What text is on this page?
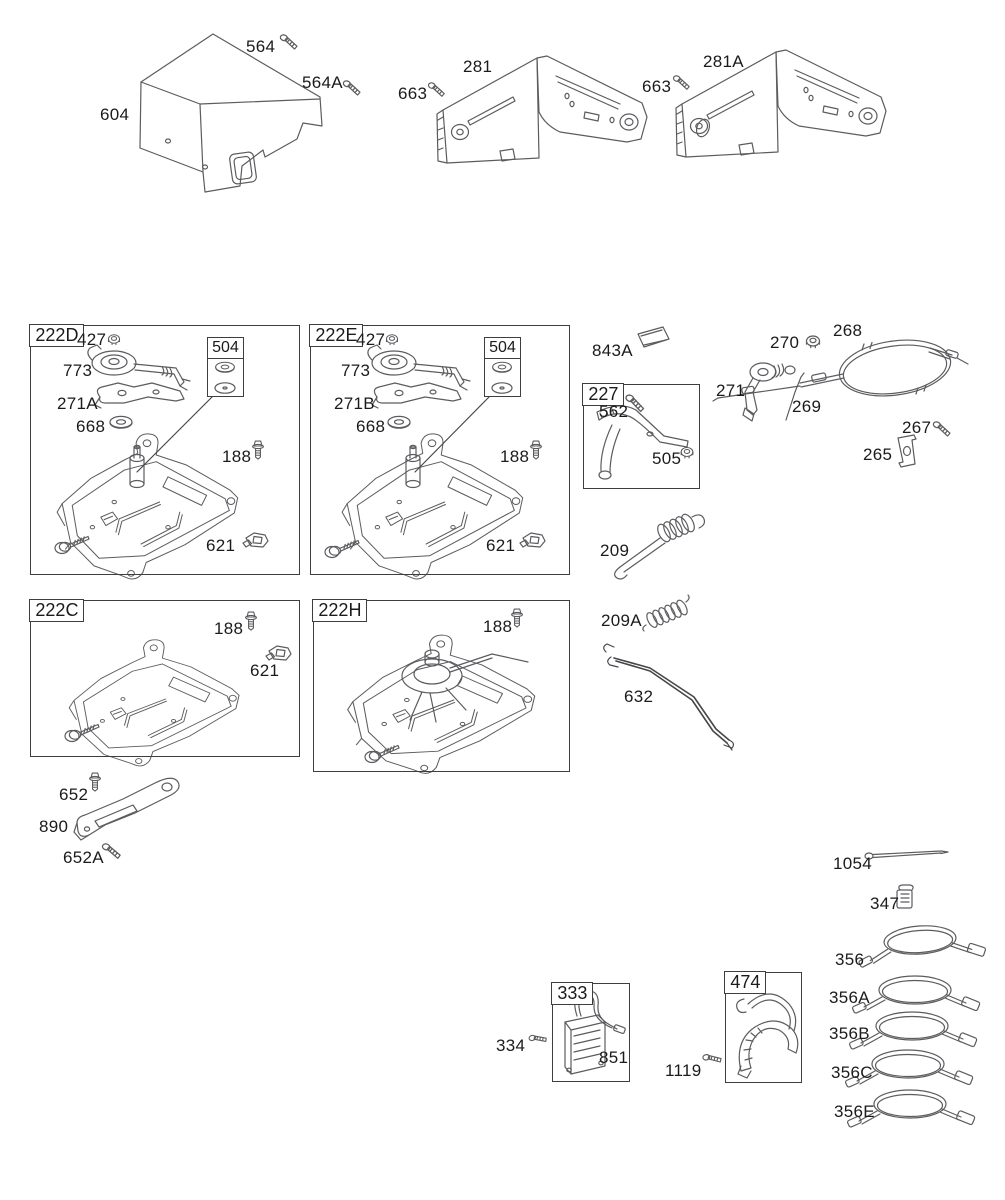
222D	222E
222C	222H
227
333
474
504	504
564
564A
604
281
663
281A
663
427
773
271A
668
188
621
427
773
271B
668
188
621
843A	270
268
271
269
562
505
267
265
209
209A
632
188
621
188
652
890
652A	1054
347
356
356A
356B
356C
356E
334
851
1119
